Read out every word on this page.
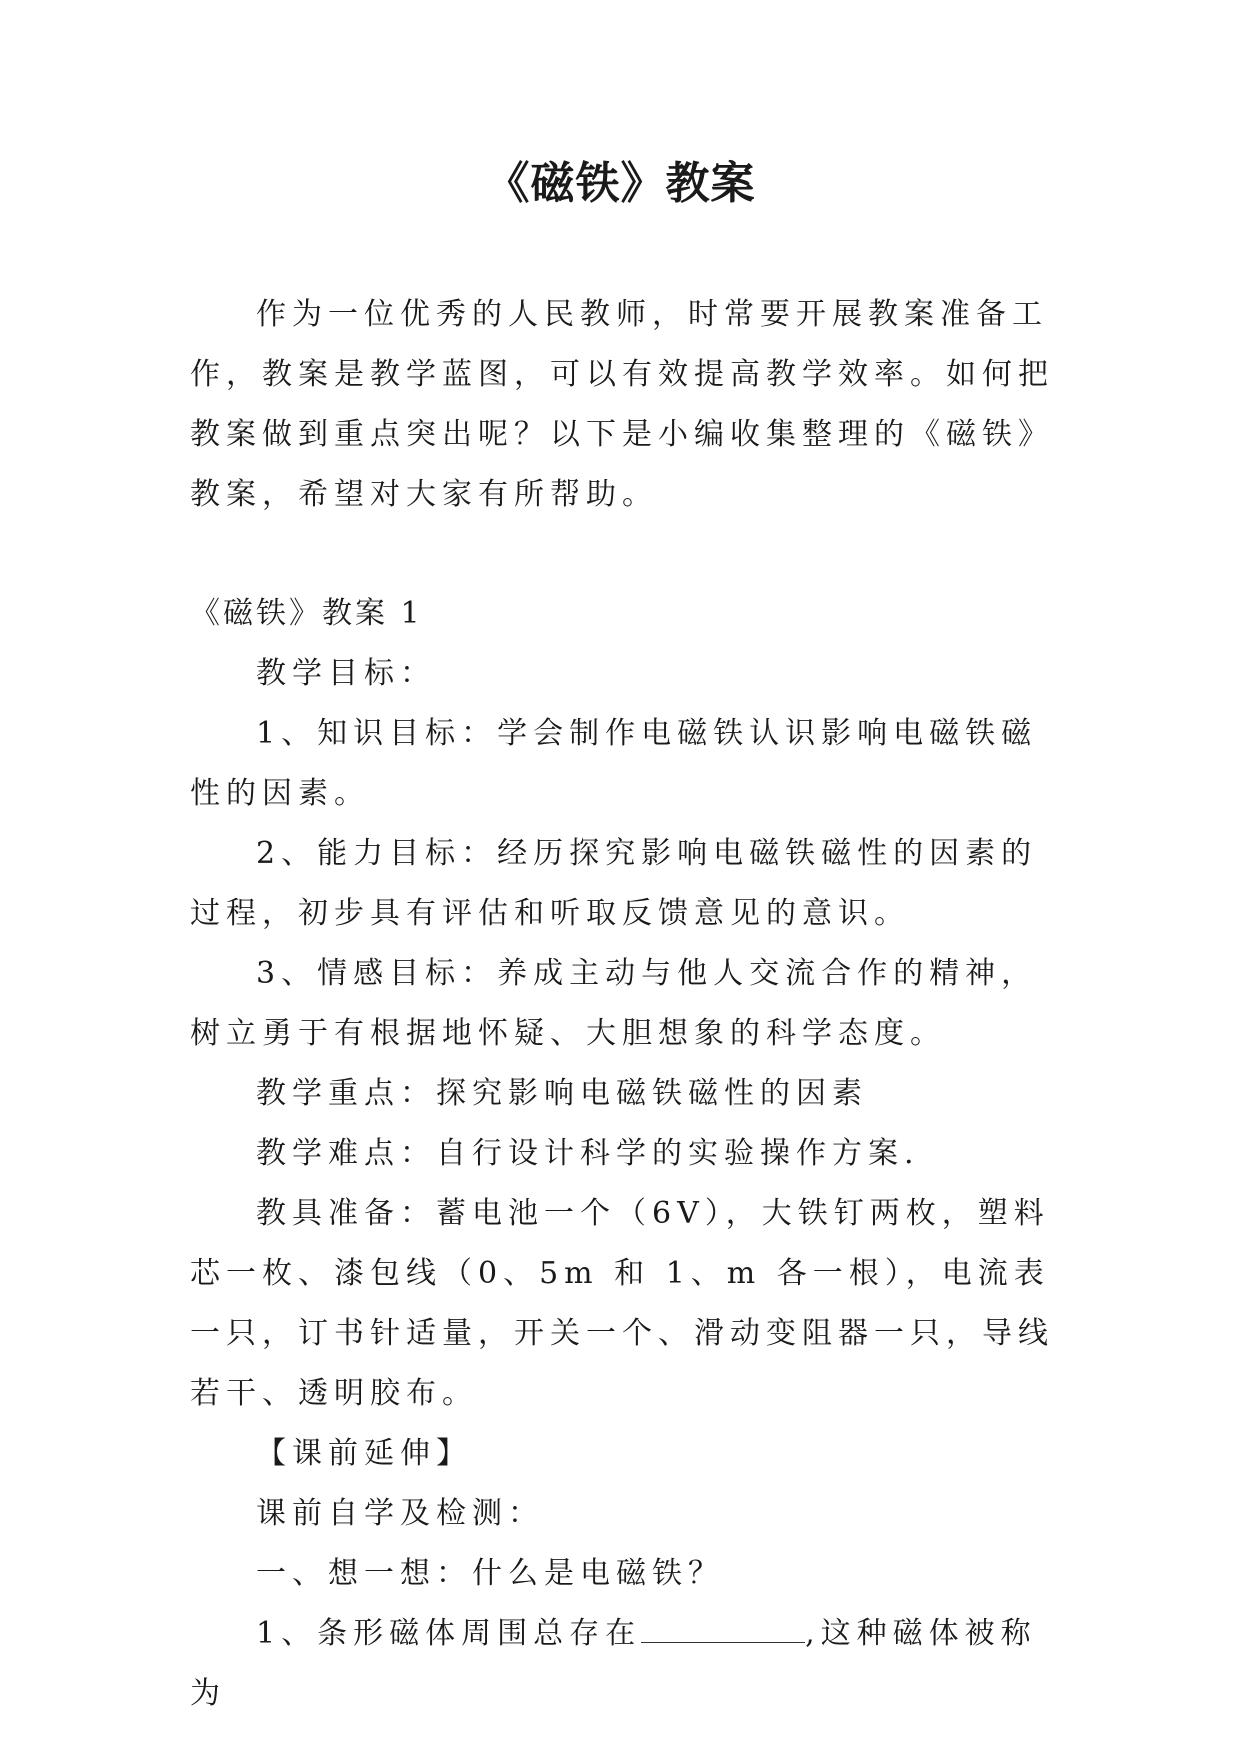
《磁铁》教案

作为一位优秀的人民教师，时常要开展教案准备工作，教案是教学蓝图，可以有效提高教学效率。如何把教案做到重点突出呢？以下是小编收集整理的《磁铁》教案，希望对大家有所帮助。

《磁铁》教案 1

教学目标：

1、知识目标：学会制作电磁铁认识影响电磁铁磁性的因素。

2、能力目标：经历探究影响电磁铁磁性的因素的过程，初步具有评估和听取反馈意见的意识。

3、情感目标：养成主动与他人交流合作的精神，树立勇于有根据地怀疑、大胆想象的科学态度。

教学重点：探究影响电磁铁磁性的因素

教学难点：自行设计科学的实验操作方案.

教具准备：蓄电池一个（6V），大铁钉两枚，塑料芯一枚、漆包线（0、5m 和 1、m 各一根），电流表一只，订书针适量，开关一个、滑动变阻器一只，导线若干、透明胶布。

【课前延伸】

课前自学及检测：

一、想一想：什么是电磁铁？

1、条形磁体周围总存在	,这种磁体被称为
